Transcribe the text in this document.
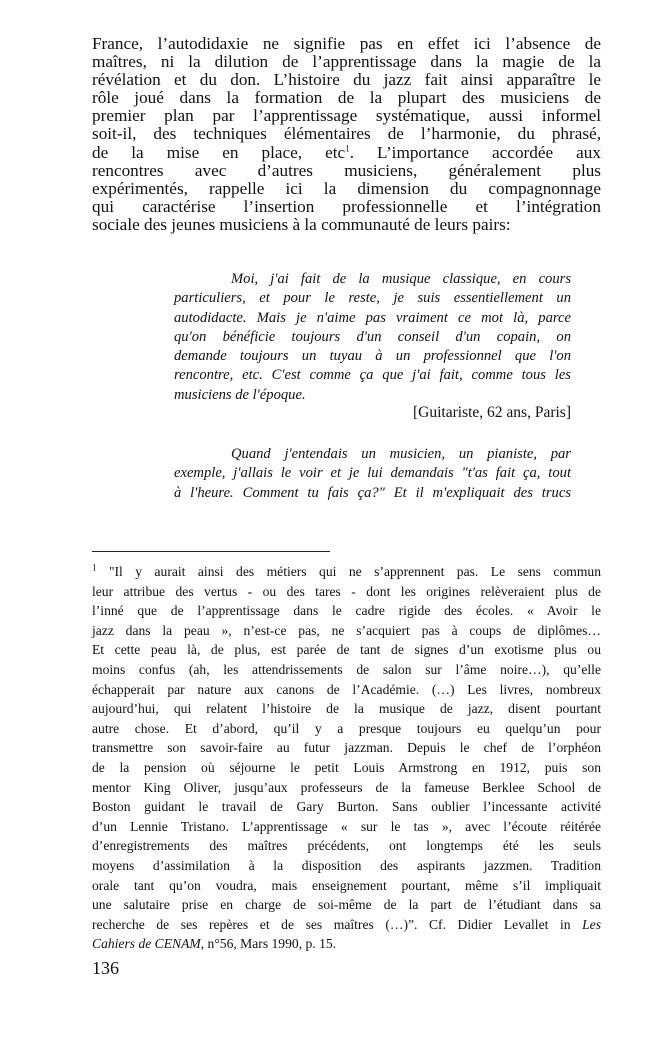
France, l’autodidaxie ne signifie pas en effet ici l’absence de
maîtres, ni la dilution de l’apprentissage dans la magie de la
révélation et du don. L’histoire du jazz fait ainsi apparaître le
rôle joué dans la formation de la plupart des musiciens de
premier plan par l’apprentissage systématique, aussi informel
soit-il, des techniques élémentaires de l’harmonie, du phrasé,
de la mise en place, etc$^1$. L’importance accordée aux
rencontres avec d’autres musiciens, généralement plus
expérimentés, rappelle ici la dimension du compagnonnage
qui caractérise l’insertion professionnelle et l’intégration
sociale des jeunes musiciens à la communauté de leurs pairs:
Moi, j'ai fait de la musique classique, en cours
particuliers, et pour le reste, je suis essentiellement un
autodidacte. Mais je n'aime pas vraiment ce mot là, parce
qu'on bénéficie toujours d'un conseil d'un copain, on
demande toujours un tuyau à un professionnel que l'on
rencontre, etc. C'est comme ça que j'ai fait, comme tous les
musiciens de l'époque.
[Guitariste, 62 ans, Paris]
Quand j'entendais un musicien, un pianiste, par
exemple, j'allais le voir et je lui demandais "t'as fait ça, tout
à l'heure. Comment tu fais ça?" Et il m'expliquait des trucs
$^1$ "Il y aurait ainsi des métiers qui ne s’apprennent pas. Le sens commun
leur attribue des vertus - ou des tares - dont les origines relèveraient plus de
l’inné que de l’apprentissage dans le cadre rigide des écoles. « Avoir le
jazz dans la peau », n’est-ce pas, ne s’acquiert pas à coups de diplômes…
Et cette peau là, de plus, est parée de tant de signes d’un exotisme plus ou
moins confus (ah, les attendrissements de salon sur l’âme noire…), qu’elle
échapperait par nature aux canons de l’Académie. (…) Les livres, nombreux
aujourd’hui, qui relatent l’histoire de la musique de jazz, disent pourtant
autre chose. Et d’abord, qu’il y a presque toujours eu quelqu’un pour
transmettre son savoir-faire au futur jazzman. Depuis le chef de l’orphéon
de la pension où séjourne le petit Louis Armstrong en 1912, puis son
mentor King Oliver, jusqu’aux professeurs de la fameuse Berklee School de
Boston guidant le travail de Gary Burton. Sans oublier l’incessante activité
d’un Lennie Tristano. L’apprentissage « sur le tas », avec l’écoute réitérée
d’enregistrements des maîtres précédents, ont longtemps été les seuls
moyens d’assimilation à la disposition des aspirants jazzmen. Tradition
orale tant qu’on voudra, mais enseignement pourtant, même s’il impliquait
une salutaire prise en charge de soi-même de la part de l’étudiant dans sa
recherche de ses repères et de ses maîtres (…)”. Cf. Didier Levallet in Les
Cahiers de CENAM, n°56, Mars 1990, p. 15.
136
